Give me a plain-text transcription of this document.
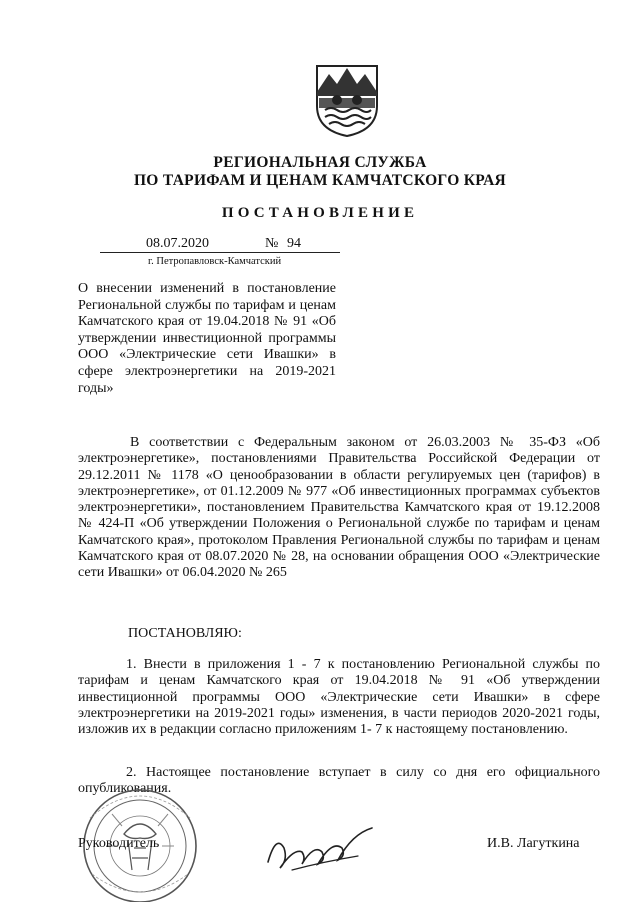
РЕГИОНАЛЬНАЯ СЛУЖБА
ПО ТАРИФАМ И ЦЕНАМ КАМЧАТСКОГО КРАЯ
ПОСТАНОВЛЕНИЕ
08.07.2020	№ 94
г. Петропавловск-Камчатский
О внесении изменений в постановление Региональной службы по тарифам и ценам Камчатского края от 19.04.2018 № 91 «Об утверждении инвестиционной программы ООО «Электрические сети Ивашки» в сфере электроэнергетики на 2019-2021 годы»
В соответствии с Федеральным законом от 26.03.2003 № 35-ФЗ «Об электроэнергетике», постановлениями Правительства Российской Федерации от 29.12.2011 № 1178 «О ценообразовании в области регулируемых цен (тарифов) в электроэнергетике», от 01.12.2009 № 977 «Об инвестиционных программах субъектов электроэнергетики», постановлением Правительства Камчатского края от 19.12.2008 № 424-П «Об утверждении Положения о Региональной службе по тарифам и ценам Камчатского края», протоколом Правления Региональной службы по тарифам и ценам Камчатского края от 08.07.2020 № 28, на основании обращения ООО «Электрические сети Ивашки» от 06.04.2020 № 265
ПОСТАНОВЛЯЮ:
1. Внести в приложения 1 - 7 к постановлению Региональной службы по тарифам и ценам Камчатского края от 19.04.2018 № 91 «Об утверждении инвестиционной программы ООО «Электрические сети Ивашки» в сфере электроэнергетики на 2019-2021 годы» изменения, в части периодов 2020-2021 годы, изложив их в редакции согласно приложениям 1- 7 к настоящему постановлению.
2. Настоящее постановление вступает в силу со дня его официального опубликования.
Руководитель	И.В. Лагуткина
